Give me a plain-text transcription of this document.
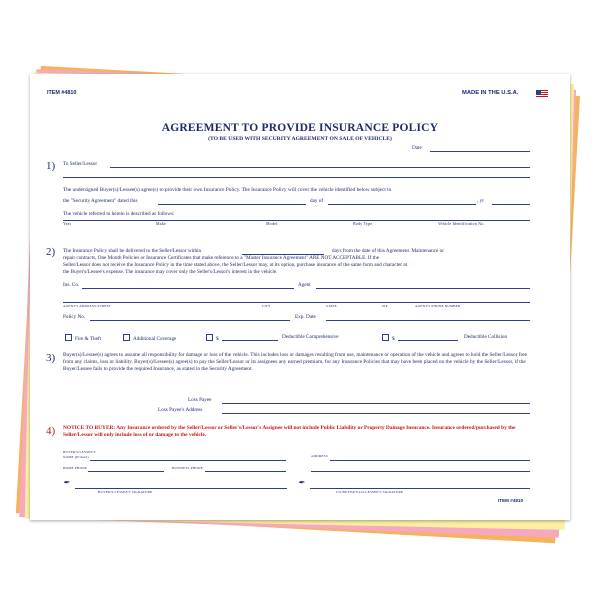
ITEM #4810	MADE IN THE U.S.A.
AGREEMENT TO PROVIDE INSURANCE POLICY
(TO BE USED WITH SECURITY AGREEMENT ON SALE OF VEHICLE)
Date
1) To Seller/Lessor
The undersigned Buyer(s)/Lessee(s) agree(s) to provide their own Insurance Policy. The Insurance Policy will cover the vehicle identified below subject to
the "Security Agreement" dated this	day of	, yr
The vehicle referred to herein is described as follows:
Year	Make	Model	Body Type	Vehicle Identification No.
2) The Insurance Policy shall be delivered to the Seller/Lessor within	days from the date of this Agreement. Maintenance or
repair contracts, One Month Policies or Insurance Certificates that make reference to a "Master Insurance Agreement" ARE NOT ACCEPTABLE. If the
Seller/Lessor does not receive the Insurance Policy in the time stated above, the Seller/Lessor may, at its option, purchase insurance of the same form and character at
the Buyer's/Lessee's expense. The insurance may cover only the Seller's/Lessor's interest in the vehicle.
Ins. Co.	Agent
AGENT'S ADDRESS-STREET	CITY	STATE	ZIP	AGENT'S PHONE NUMBER
Policy No.	Exp. Date
Fire & Theft	Additional Coverage	$	Deductible Comprehensive	$	Deductible Collision
3) Buyer(s)/Lessee(s) agrees to assume all responsibility for damage or loss of the vehicle. This includes loss or damages resulting from use, maintenance or operation of the vehicle and agrees to hold the Seller/Lessor free from any claims, loss or liability. Buyer(s)/Lessee(s) agree(s) to pay the Seller/Lessor or its assignees any earned premium, for any Insurance Policies that may have been placed on the vehicle by the Seller/Lessor, if the Buyer/Lessee fails to provide the required Insurance, as stated in the Security Agreement.
Loss Payee
Loss Payee's Address
4) NOTICE TO BUYER: Any Insurance ordered by the Seller/Lessor or Seller's/Lessor's Assignee will not include Public Liability or Property Damage Insurance. Insurance ordered/purchased by the Seller/Lessor will only include loss of or damage to the vehicle.
BUYER'S/LESSEE'S NAME (Printed)	ADDRESS
HOME PHONE	BUSINESS PHONE
✒
BUYER'S/LESSEE'S SIGNATURE
✒
CO-BUYER'S/CO-LESSEE'S SIGNATURE
ITEM #4810
